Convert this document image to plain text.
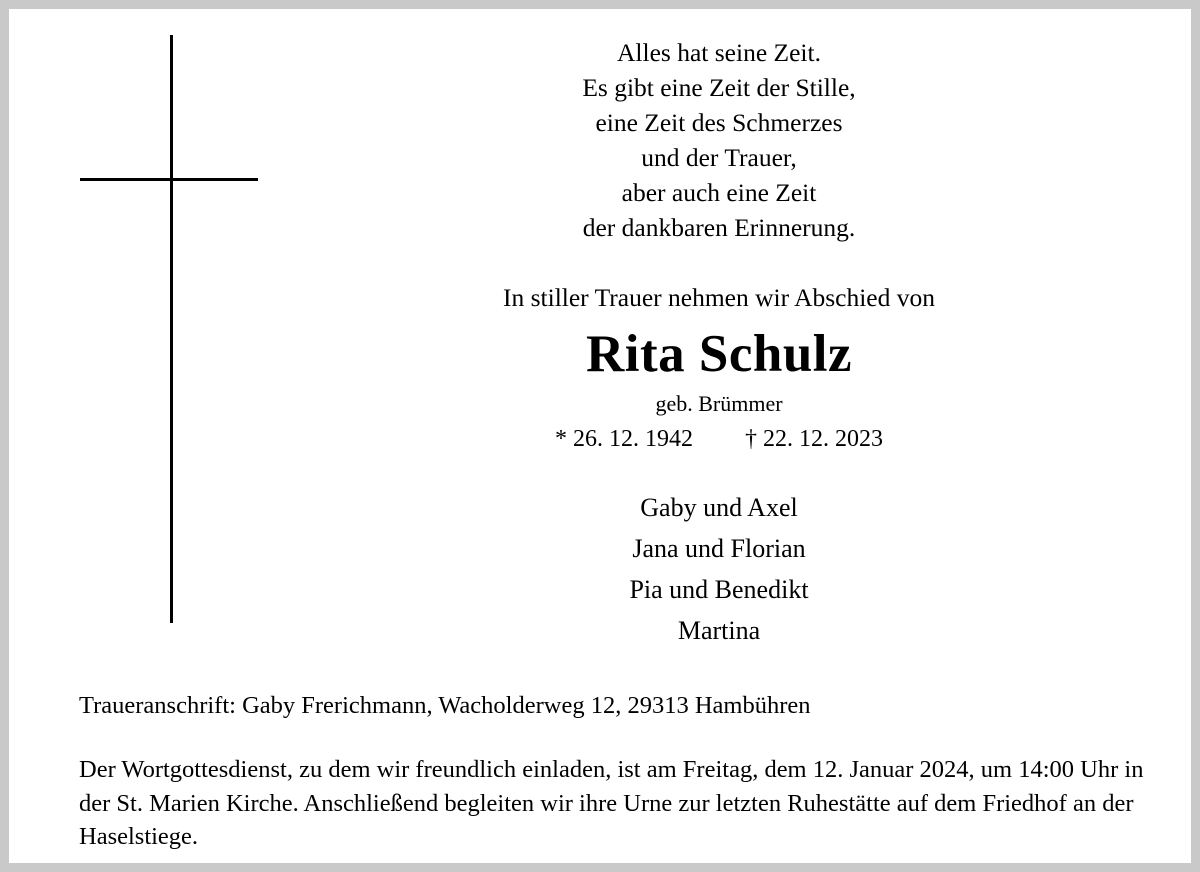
Alles hat seine Zeit.
Es gibt eine Zeit der Stille,
eine Zeit des Schmerzes
und der Trauer,
aber auch eine Zeit
der dankbaren Erinnerung.
In stiller Trauer nehmen wir Abschied von
Rita Schulz
geb. Brümmer
* 26. 12. 1942 † 22. 12. 2023
Gaby und Axel
Jana und Florian
Pia und Benedikt
Martina
Traueranschrift: Gaby Frerichmann, Wacholderweg 12, 29313 Hambühren
Der Wortgottesdienst, zu dem wir freundlich einladen, ist am Freitag, dem 12. Januar 2024, um 14:00 Uhr in der St. Marien Kirche. Anschließend begleiten wir ihre Urne zur letzten Ruhestätte auf dem Friedhof an der Haselstiege.
